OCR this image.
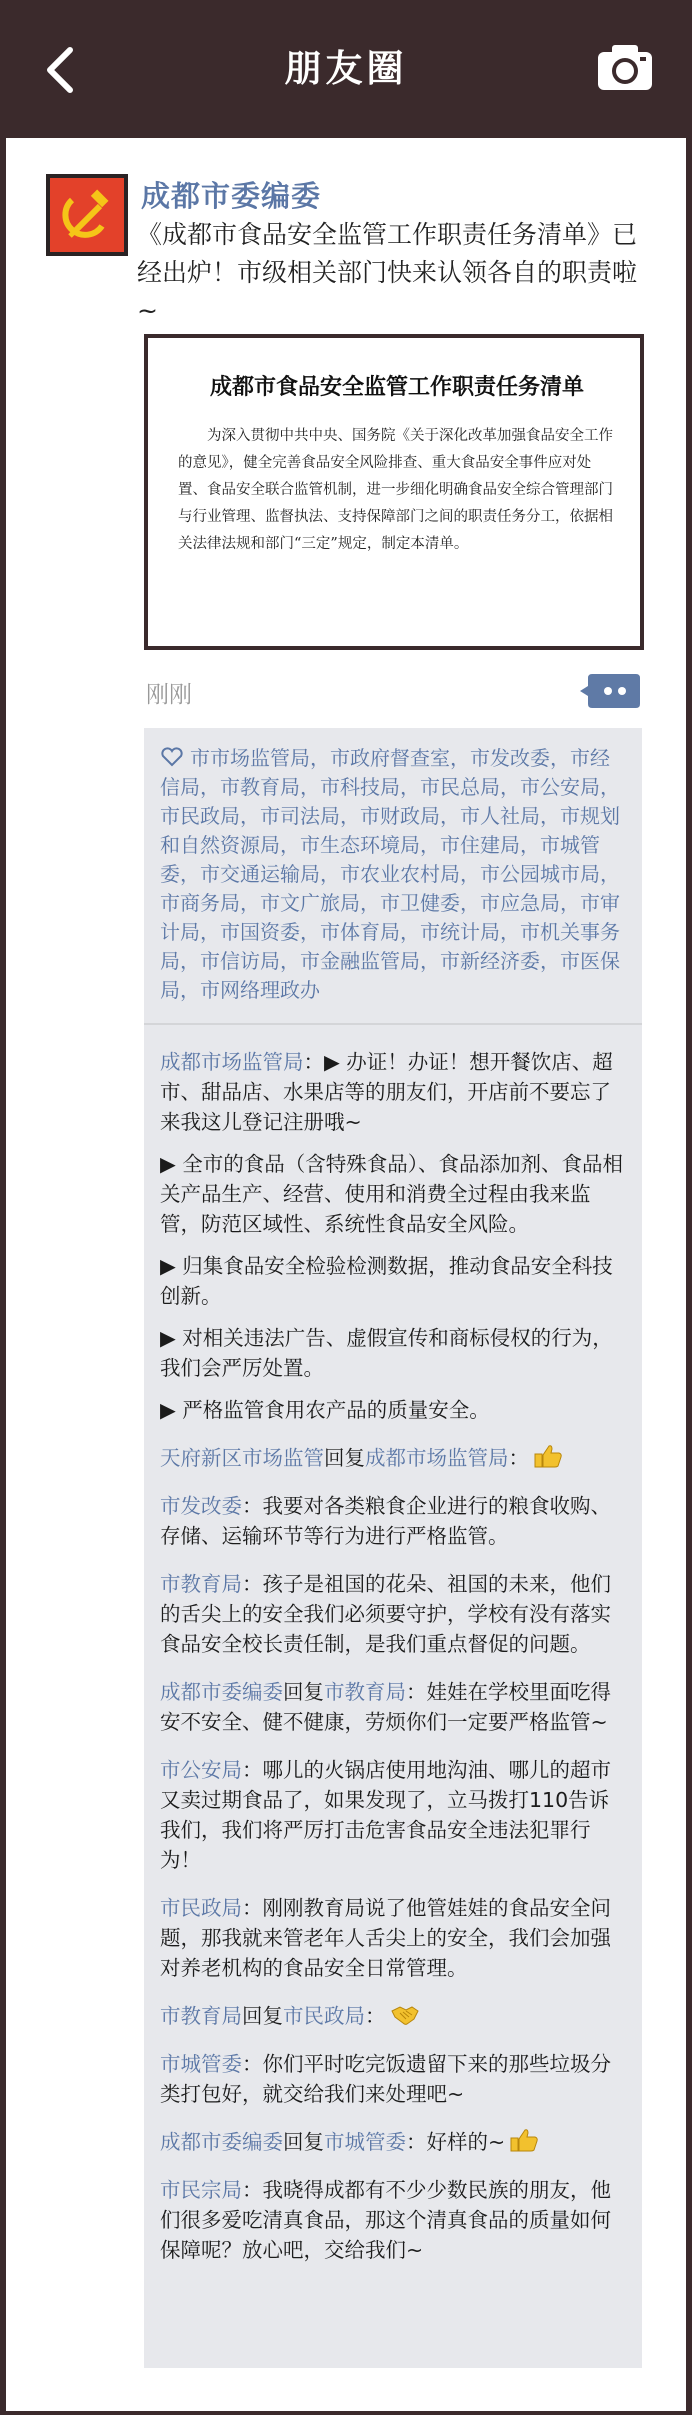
朋友圈
成都市委编委
《成都市食品安全监管工作职责任务清单》已经出炉！市级相关部门快来认领各自的职责啦~
成都市食品安全监管工作职责任务清单
为深入贯彻中共中央、国务院《关于深化改革加强食品安全工作的意见》，健全完善食品安全风险排查、重大食品安全事件应对处置、食品安全联合监管机制，进一步细化明确食品安全综合管理部门与行业管理、监督执法、支持保障部门之间的职责任务分工，依据相关法律法规和部门“三定”规定，制定本清单。
刚刚
市市场监管局，市政府督查室，市发改委，市经信局，市教育局，市科技局，市民总局，市公安局，市民政局，市司法局，市财政局，市人社局，市规划和自然资源局，市生态环境局，市住建局，市城管委，市交通运输局，市农业农村局，市公园城市局，市商务局，市文广旅局，市卫健委，市应急局，市审计局，市国资委，市体育局，市统计局，市机关事务局，市信访局，市金融监管局，市新经济委，市医保局，市网络理政办
成都市场监管局：▶ 办证！办证！想开餐饮店、超市、甜品店、水果店等的朋友们，开店前不要忘了来我这儿登记注册哦~
▶ 全市的食品（含特殊食品）、食品添加剂、食品相关产品生产、经营、使用和消费全过程由我来监管，防范区域性、系统性食品安全风险。
▶ 归集食品安全检验检测数据，推动食品安全科技创新。
▶ 对相关违法广告、虚假宣传和商标侵权的行为，我们会严厉处置。
▶ 严格监管食用农产品的质量安全。
天府新区市场监管回复成都市场监管局：
市发改委：我要对各类粮食企业进行的粮食收购、存储、运输环节等行为进行严格监管。
市教育局：孩子是祖国的花朵、祖国的未来，他们的舌尖上的安全我们必须要守护，学校有没有落实食品安全校长责任制，是我们重点督促的问题。
成都市委编委回复市教育局：娃娃在学校里面吃得安不安全、健不健康，劳烦你们一定要严格监管~
市公安局：哪儿的火锅店使用地沟油、哪儿的超市又卖过期食品了，如果发现了，立马拨打110告诉我们，我们将严厉打击危害食品安全违法犯罪行为！
市民政局：刚刚教育局说了他管娃娃的食品安全问题，那我就来管老年人舌尖上的安全，我们会加强对养老机构的食品安全日常管理。
市教育局回复市民政局：
市城管委：你们平时吃完饭遗留下来的那些垃圾分类打包好，就交给我们来处理吧~
成都市委编委回复市城管委：好样的~
市民宗局：我晓得成都有不少少数民族的朋友，他们很多爱吃清真食品，那这个清真食品的质量如何保障呢？放心吧，交给我们~
